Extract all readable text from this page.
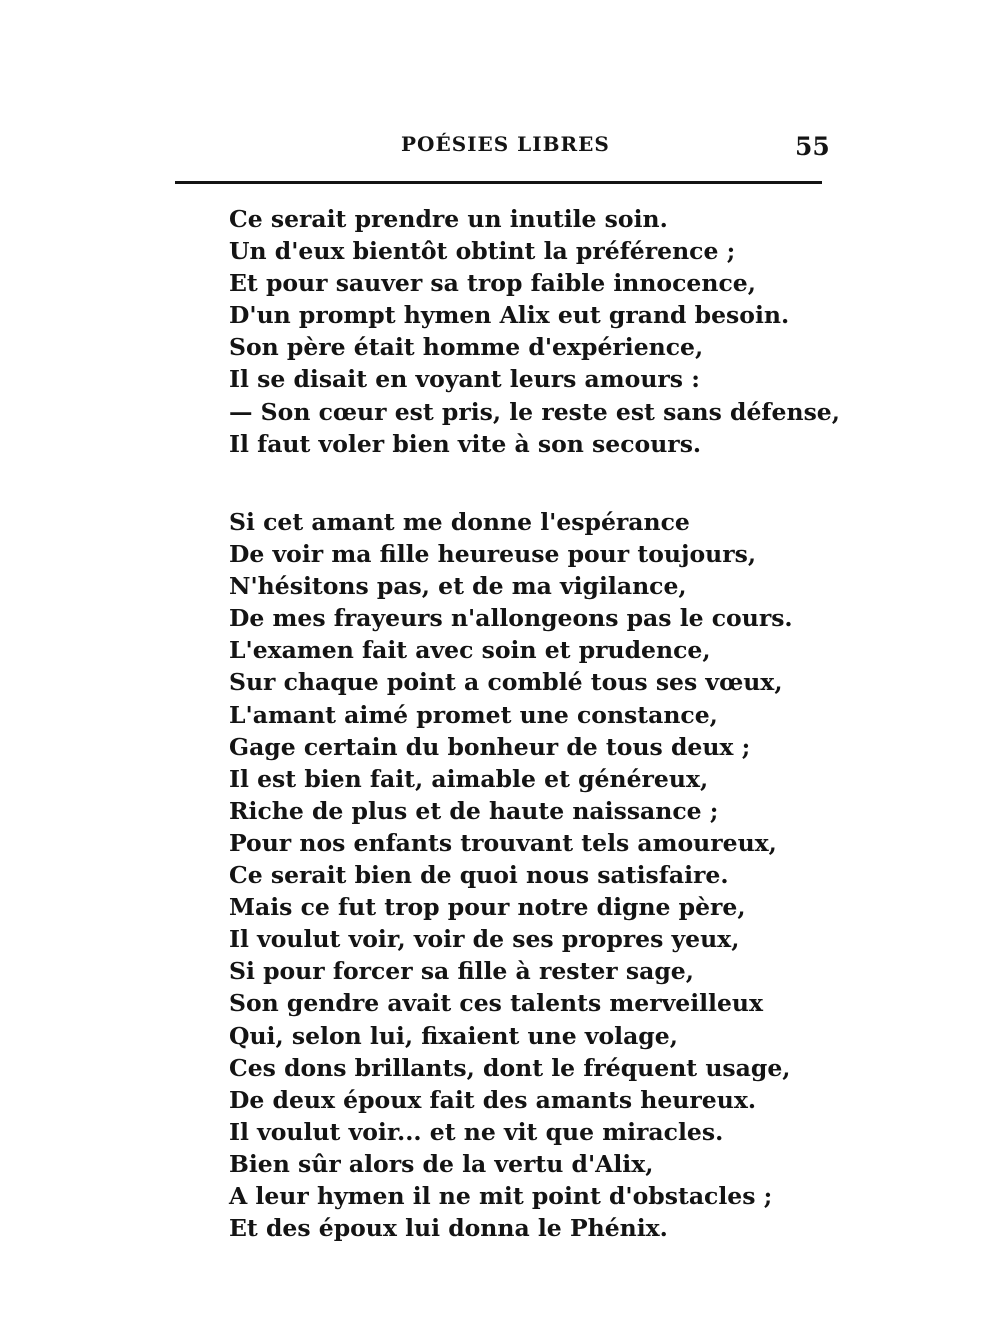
POÉSIES LIBRES	55
Ce serait prendre un inutile soin.
Un d'eux bientôt obtint la préférence ;
Et pour sauver sa trop faible innocence,
D'un prompt hymen Alix eut grand besoin.
Son père était homme d'expérience,
Il se disait en voyant leurs amours :
— Son cœur est pris, le reste est sans défense,
Il faut voler bien vite à son secours.
Si cet amant me donne l'espérance
De voir ma fille heureuse pour toujours,
N'hésitons pas, et de ma vigilance,
De mes frayeurs n'allongeons pas le cours.
L'examen fait avec soin et prudence,
Sur chaque point a comblé tous ses vœux,
L'amant aimé promet une constance,
Gage certain du bonheur de tous deux ;
Il est bien fait, aimable et généreux,
Riche de plus et de haute naissance ;
Pour nos enfants trouvant tels amoureux,
Ce serait bien de quoi nous satisfaire.
Mais ce fut trop pour notre digne père,
Il voulut voir, voir de ses propres yeux,
Si pour forcer sa fille à rester sage,
Son gendre avait ces talents merveilleux
Qui, selon lui, fixaient une volage,
Ces dons brillants, dont le fréquent usage,
De deux époux fait des amants heureux.
Il voulut voir... et ne vit que miracles.
Bien sûr alors de la vertu d'Alix,
A leur hymen il ne mit point d'obstacles ;
Et des époux lui donna le Phénix.
